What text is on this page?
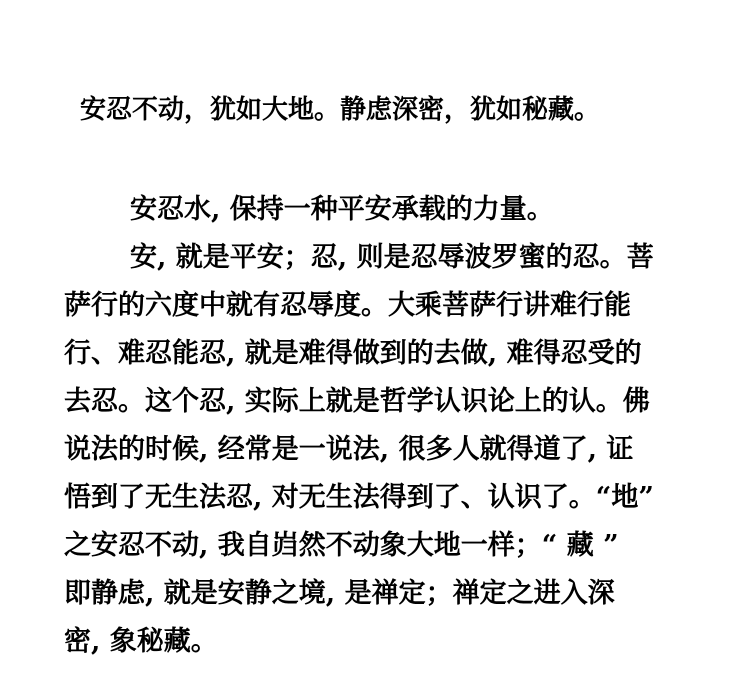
安忍不动，犹如大地。静虑深密，犹如秘藏。
安忍水, 保持一种平安承载的力量。
安, 就是平安；忍, 则是忍辱波罗蜜的忍。菩
萨行的六度中就有忍辱度。大乘菩萨行讲难行能
行、难忍能忍, 就是难得做到的去做, 难得忍受的
去忍。这个忍, 实际上就是哲学认识论上的认。佛
说法的时候, 经常是一说法, 很多人就得道了, 证
悟到了无生法忍, 对无生法得到了、认识了。“地”
之安忍不动, 我自岿然不动象大地一样；“ 藏 ”
即静虑, 就是安静之境, 是禅定；禅定之进入深
密, 象秘藏。
